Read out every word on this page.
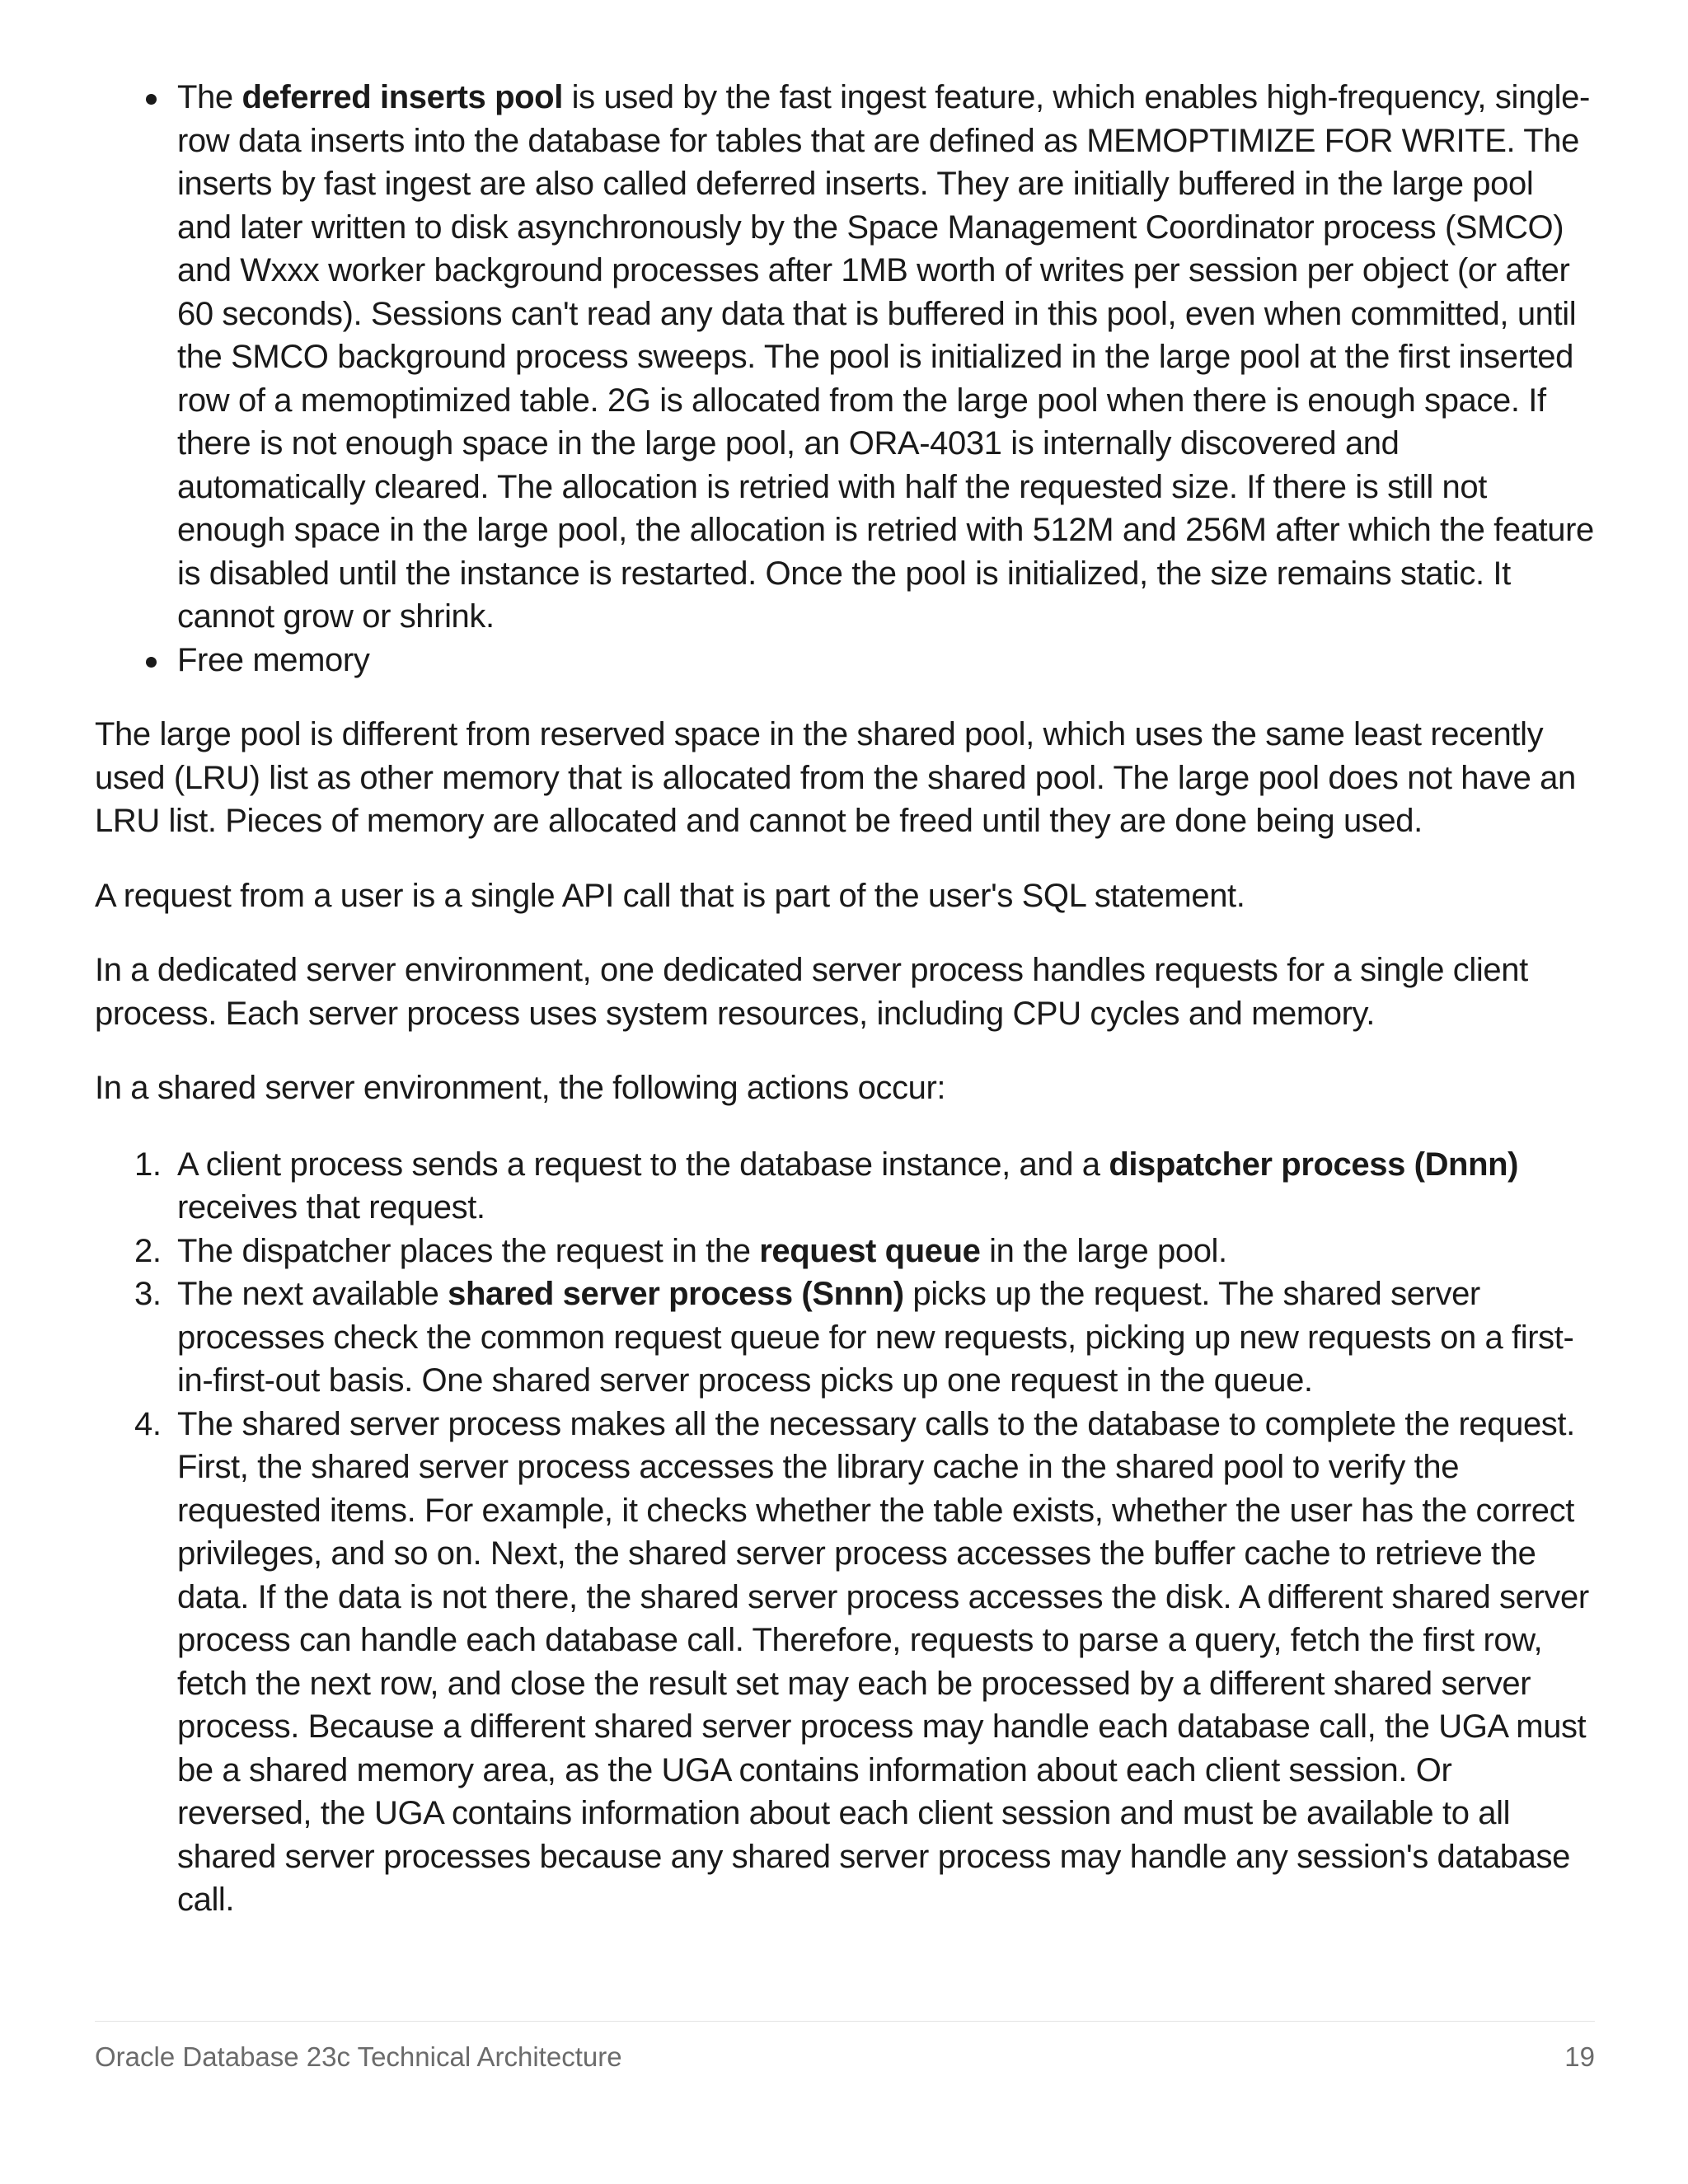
The deferred inserts pool is used by the fast ingest feature, which enables high-frequency, single-row data inserts into the database for tables that are defined as MEMOPTIMIZE FOR WRITE. The inserts by fast ingest are also called deferred inserts. They are initially buffered in the large pool and later written to disk asynchronously by the Space Management Coordinator process (SMCO) and Wxxx worker background processes after 1MB worth of writes per session per object (or after 60 seconds). Sessions can't read any data that is buffered in this pool, even when committed, until the SMCO background process sweeps. The pool is initialized in the large pool at the first inserted row of a memoptimized table. 2G is allocated from the large pool when there is enough space. If there is not enough space in the large pool, an ORA-4031 is internally discovered and automatically cleared. The allocation is retried with half the requested size. If there is still not enough space in the large pool, the allocation is retried with 512M and 256M after which the feature is disabled until the instance is restarted. Once the pool is initialized, the size remains static. It cannot grow or shrink.
Free memory

The large pool is different from reserved space in the shared pool, which uses the same least recently used (LRU) list as other memory that is allocated from the shared pool. The large pool does not have an LRU list. Pieces of memory are allocated and cannot be freed until they are done being used.

A request from a user is a single API call that is part of the user's SQL statement.

In a dedicated server environment, one dedicated server process handles requests for a single client process. Each server process uses system resources, including CPU cycles and memory.

In a shared server environment, the following actions occur:

1. A client process sends a request to the database instance, and a dispatcher process (Dnnn) receives that request.
2. The dispatcher places the request in the request queue in the large pool.
3. The next available shared server process (Snnn) picks up the request. The shared server processes check the common request queue for new requests, picking up new requests on a first-in-first-out basis. One shared server process picks up one request in the queue.
4. The shared server process makes all the necessary calls to the database to complete the request. First, the shared server process accesses the library cache in the shared pool to verify the requested items. For example, it checks whether the table exists, whether the user has the correct privileges, and so on. Next, the shared server process accesses the buffer cache to retrieve the data. If the data is not there, the shared server process accesses the disk. A different shared server process can handle each database call. Therefore, requests to parse a query, fetch the first row, fetch the next row, and close the result set may each be processed by a different shared server process. Because a different shared server process may handle each database call, the UGA must be a shared memory area, as the UGA contains information about each client session. Or reversed, the UGA contains information about each client session and must be available to all shared server processes because any shared server process may handle any session's database call.
Oracle Database 23c Technical Architecture	19
